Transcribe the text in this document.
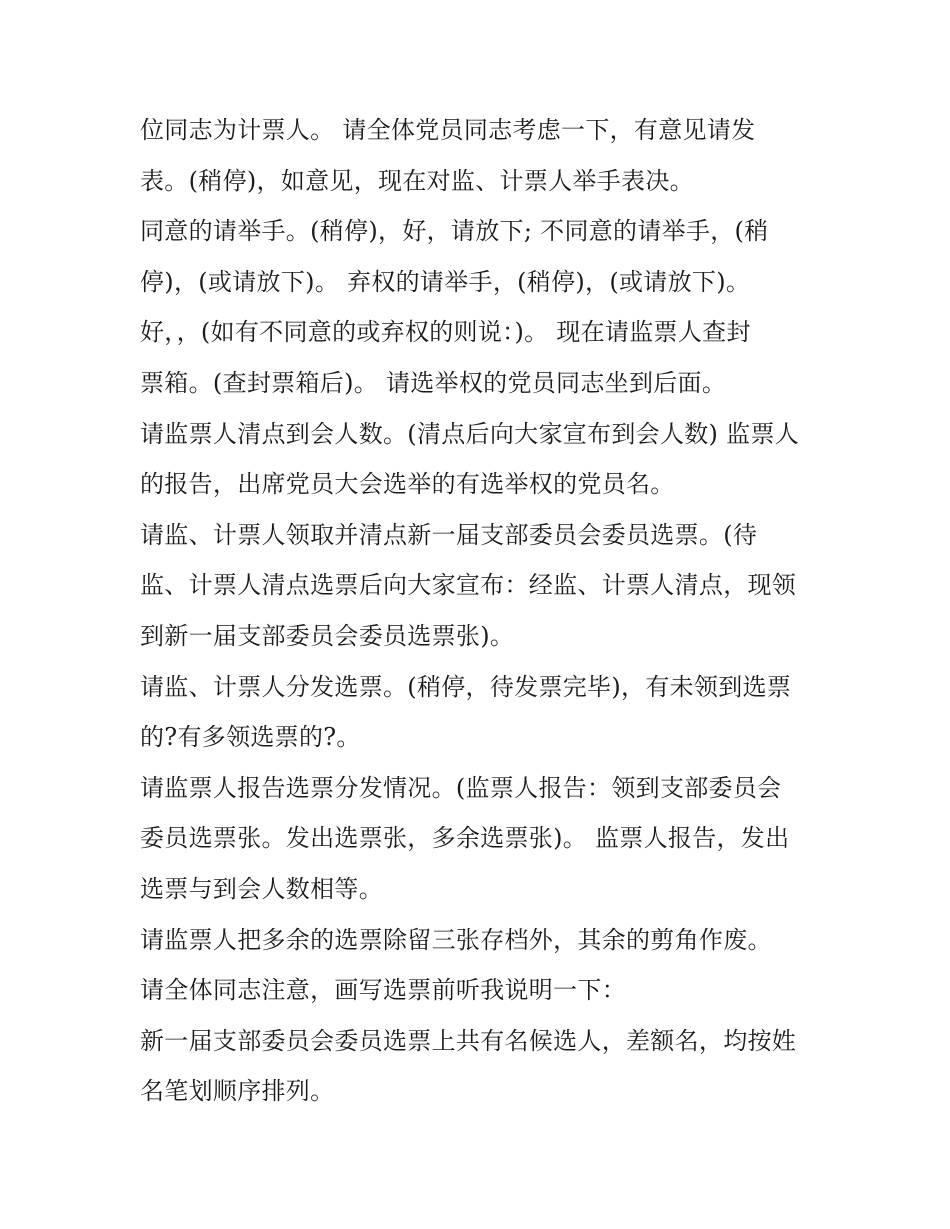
位同志为计票人。 请全体党员同志考虑一下，有意见请发
表。(稍停)，如意见，现在对监、计票人举手表决。
同意的请举手。(稍停)，好，请放下; 不同意的请举手，(稍
停)，(或请放下)。 弃权的请举手，(稍停)，(或请放下)。
好，，(如有不同意的或弃权的则说：)。 现在请监票人查封
票箱。(查封票箱后)。 请选举权的党员同志坐到后面。
请监票人清点到会人数。(清点后向大家宣布到会人数) 监票人
的报告，出席党员大会选举的有选举权的党员名。
请监、计票人领取并清点新一届支部委员会委员选票。(待
监、计票人清点选票后向大家宣布：经监、计票人清点，现领
到新一届支部委员会委员选票张)。
请监、计票人分发选票。(稍停，待发票完毕)，有未领到选票
的?有多领选票的?。
请监票人报告选票分发情况。(监票人报告：领到支部委员会
委员选票张。发出选票张，多余选票张)。 监票人报告，发出
选票与到会人数相等。
请监票人把多余的选票除留三张存档外，其余的剪角作废。
请全体同志注意，画写选票前听我说明一下：
新一届支部委员会委员选票上共有名候选人，差额名，均按姓
名笔划顺序排列。
